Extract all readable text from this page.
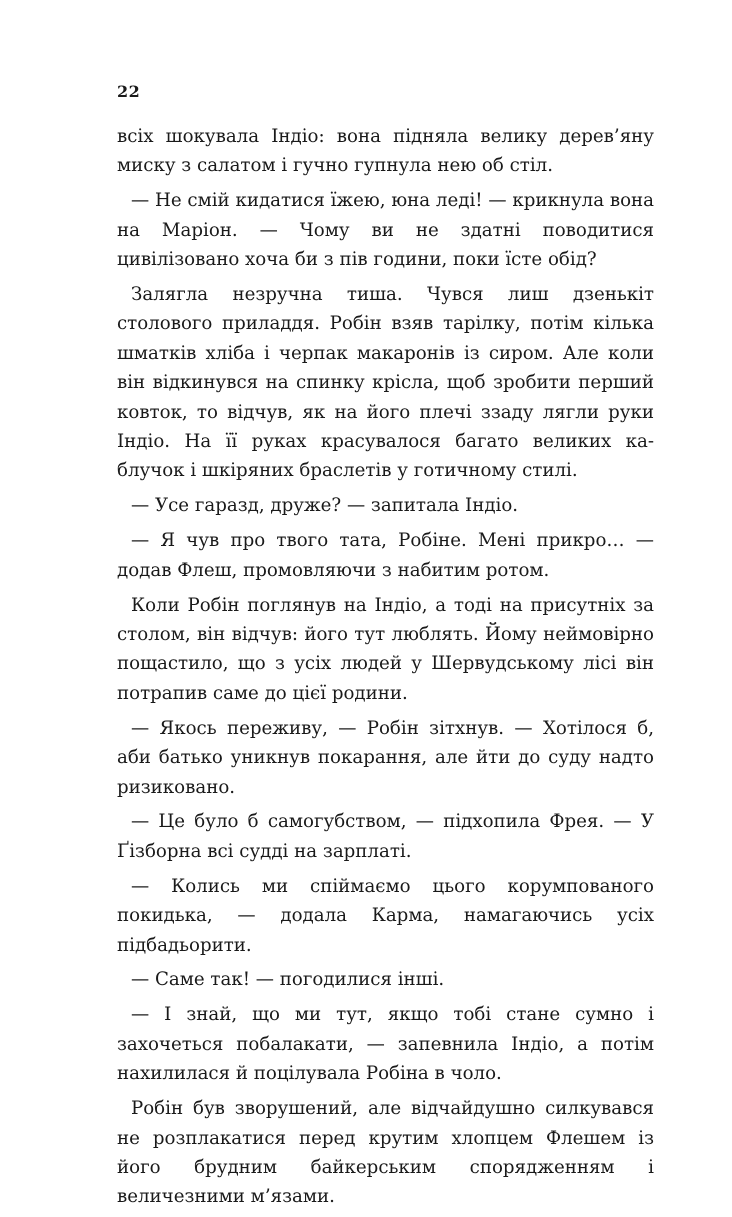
22

всіх шокувала Індіо: вона підняла велику дерев’яну миску з салатом і гучно гупнула нею об стіл.

— Не смій кидатися їжею, юна леді! — крикнула вона на Маріон. — Чому ви не здатні поводитися цивілізовано хоча би з пів години, поки їсте обід?

Залягла незручна тиша. Чувся лиш дзенькіт столового приладдя. Робін взяв тарілку, потім кілька шматків хліба і черпак макаронів із сиром. Але коли він відкинувся на спинку крісла, щоб зробити перший ковток, то відчув, як на його плечі ззаду лягли руки Індіо. На її руках красувалося багато великих каблучок і шкіряних браслетів у готичному стилі.

— Усе гаразд, друже? — запитала Індіо.

— Я чув про твого тата, Робіне. Мені прикро… — додав Флеш, промовляючи з набитим ротом.

Коли Робін поглянув на Індіо, а тоді на присутніх за столом, він відчув: його тут люблять. Йому неймовірно пощастило, що з усіх людей у Шервудському лісі він потрапив саме до цієї родини.

— Якось переживу, — Робін зітхнув. — Хотілося б, аби батько уникнув покарання, але йти до суду надто ризиковано.

— Це було б самогубством, — підхопила Фрея. — У Ґізборна всі судді на зарплаті.

— Колись ми спіймаємо цього корумпованого покидька, — додала Карма, намагаючись усіх підбадьорити.

— Саме так! — погодилися інші.

— І знай, що ми тут, якщо тобі стане сумно і захочеться побалакати, — запевнила Індіо, а потім нахилилася й поцілувала Робіна в чоло.

Робін був зворушений, але відчайдушно силкувався не розплакатися перед крутим хлопцем Флешем із його брудним байкерським спорядженням і величезними м’язами.
